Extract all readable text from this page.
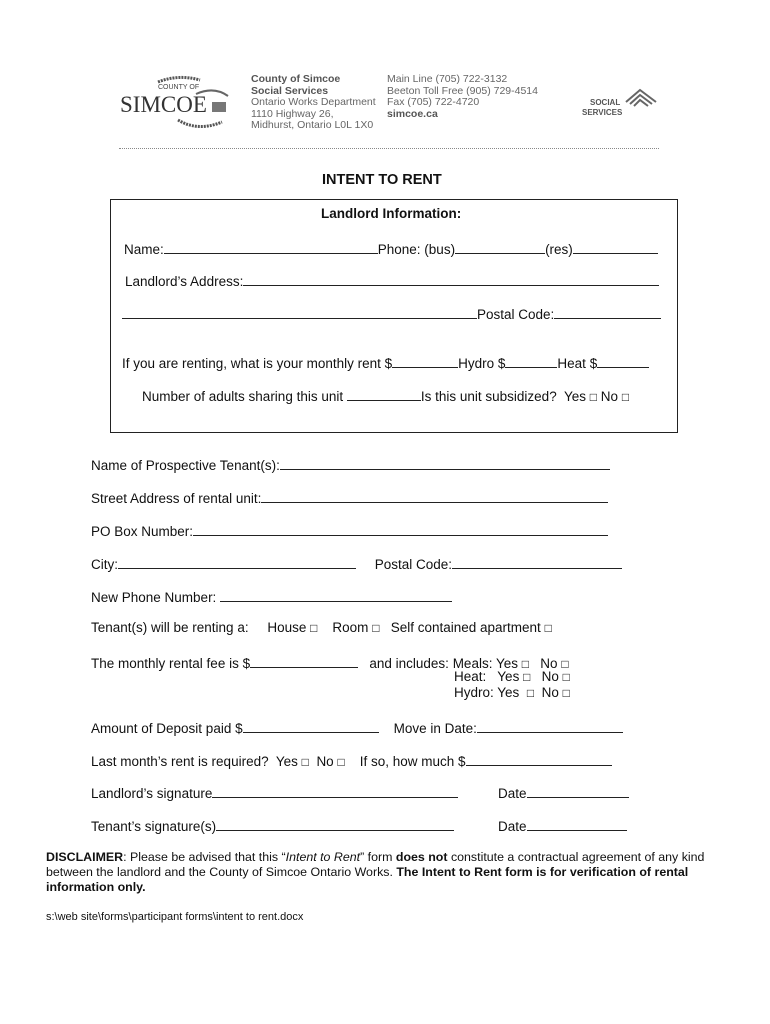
COUNTY OF
SIMCOE
County of Simcoe
Social Services
Ontario Works Department
1110 Highway 26,
Midhurst, Ontario L0L 1X0
Main Line (705) 722-3132
Beeton Toll Free (905) 729-4514
Fax (705) 722-4720
simcoe.ca
SOCIAL
SERVICES
INTENT TO RENT
Landlord Information:
Name:	Phone: (bus)	(res)
Landlord’s Address:
Postal Code:
If you are renting, what is your monthly rent $	Hydro $	Heat $
Number of adults sharing this unit	Is this unit subsidized? Yes □ No □
Name of Prospective Tenant(s):
Street Address of rental unit:
PO Box Number:
City:	Postal Code:
New Phone Number:
Tenant(s) will be renting a: House □ Room □ Self contained apartment □
The monthly rental fee is $	and includes: Meals: Yes □ No □
Heat: Yes □ No □
Hydro: Yes □ No □
Amount of Deposit paid $	Move in Date:
Last month’s rent is required? Yes □ No □ If so, how much $
Landlord’s signature	Date
Tenant’s signature(s)	Date
DISCLAIMER: Please be advised that this “Intent to Rent” form does not constitute a contractual agreement of any kind
between the landlord and the County of Simcoe Ontario Works. The Intent to Rent form is for verification of rental
information only.
s:\web site\forms\participant forms\intent to rent.docx
